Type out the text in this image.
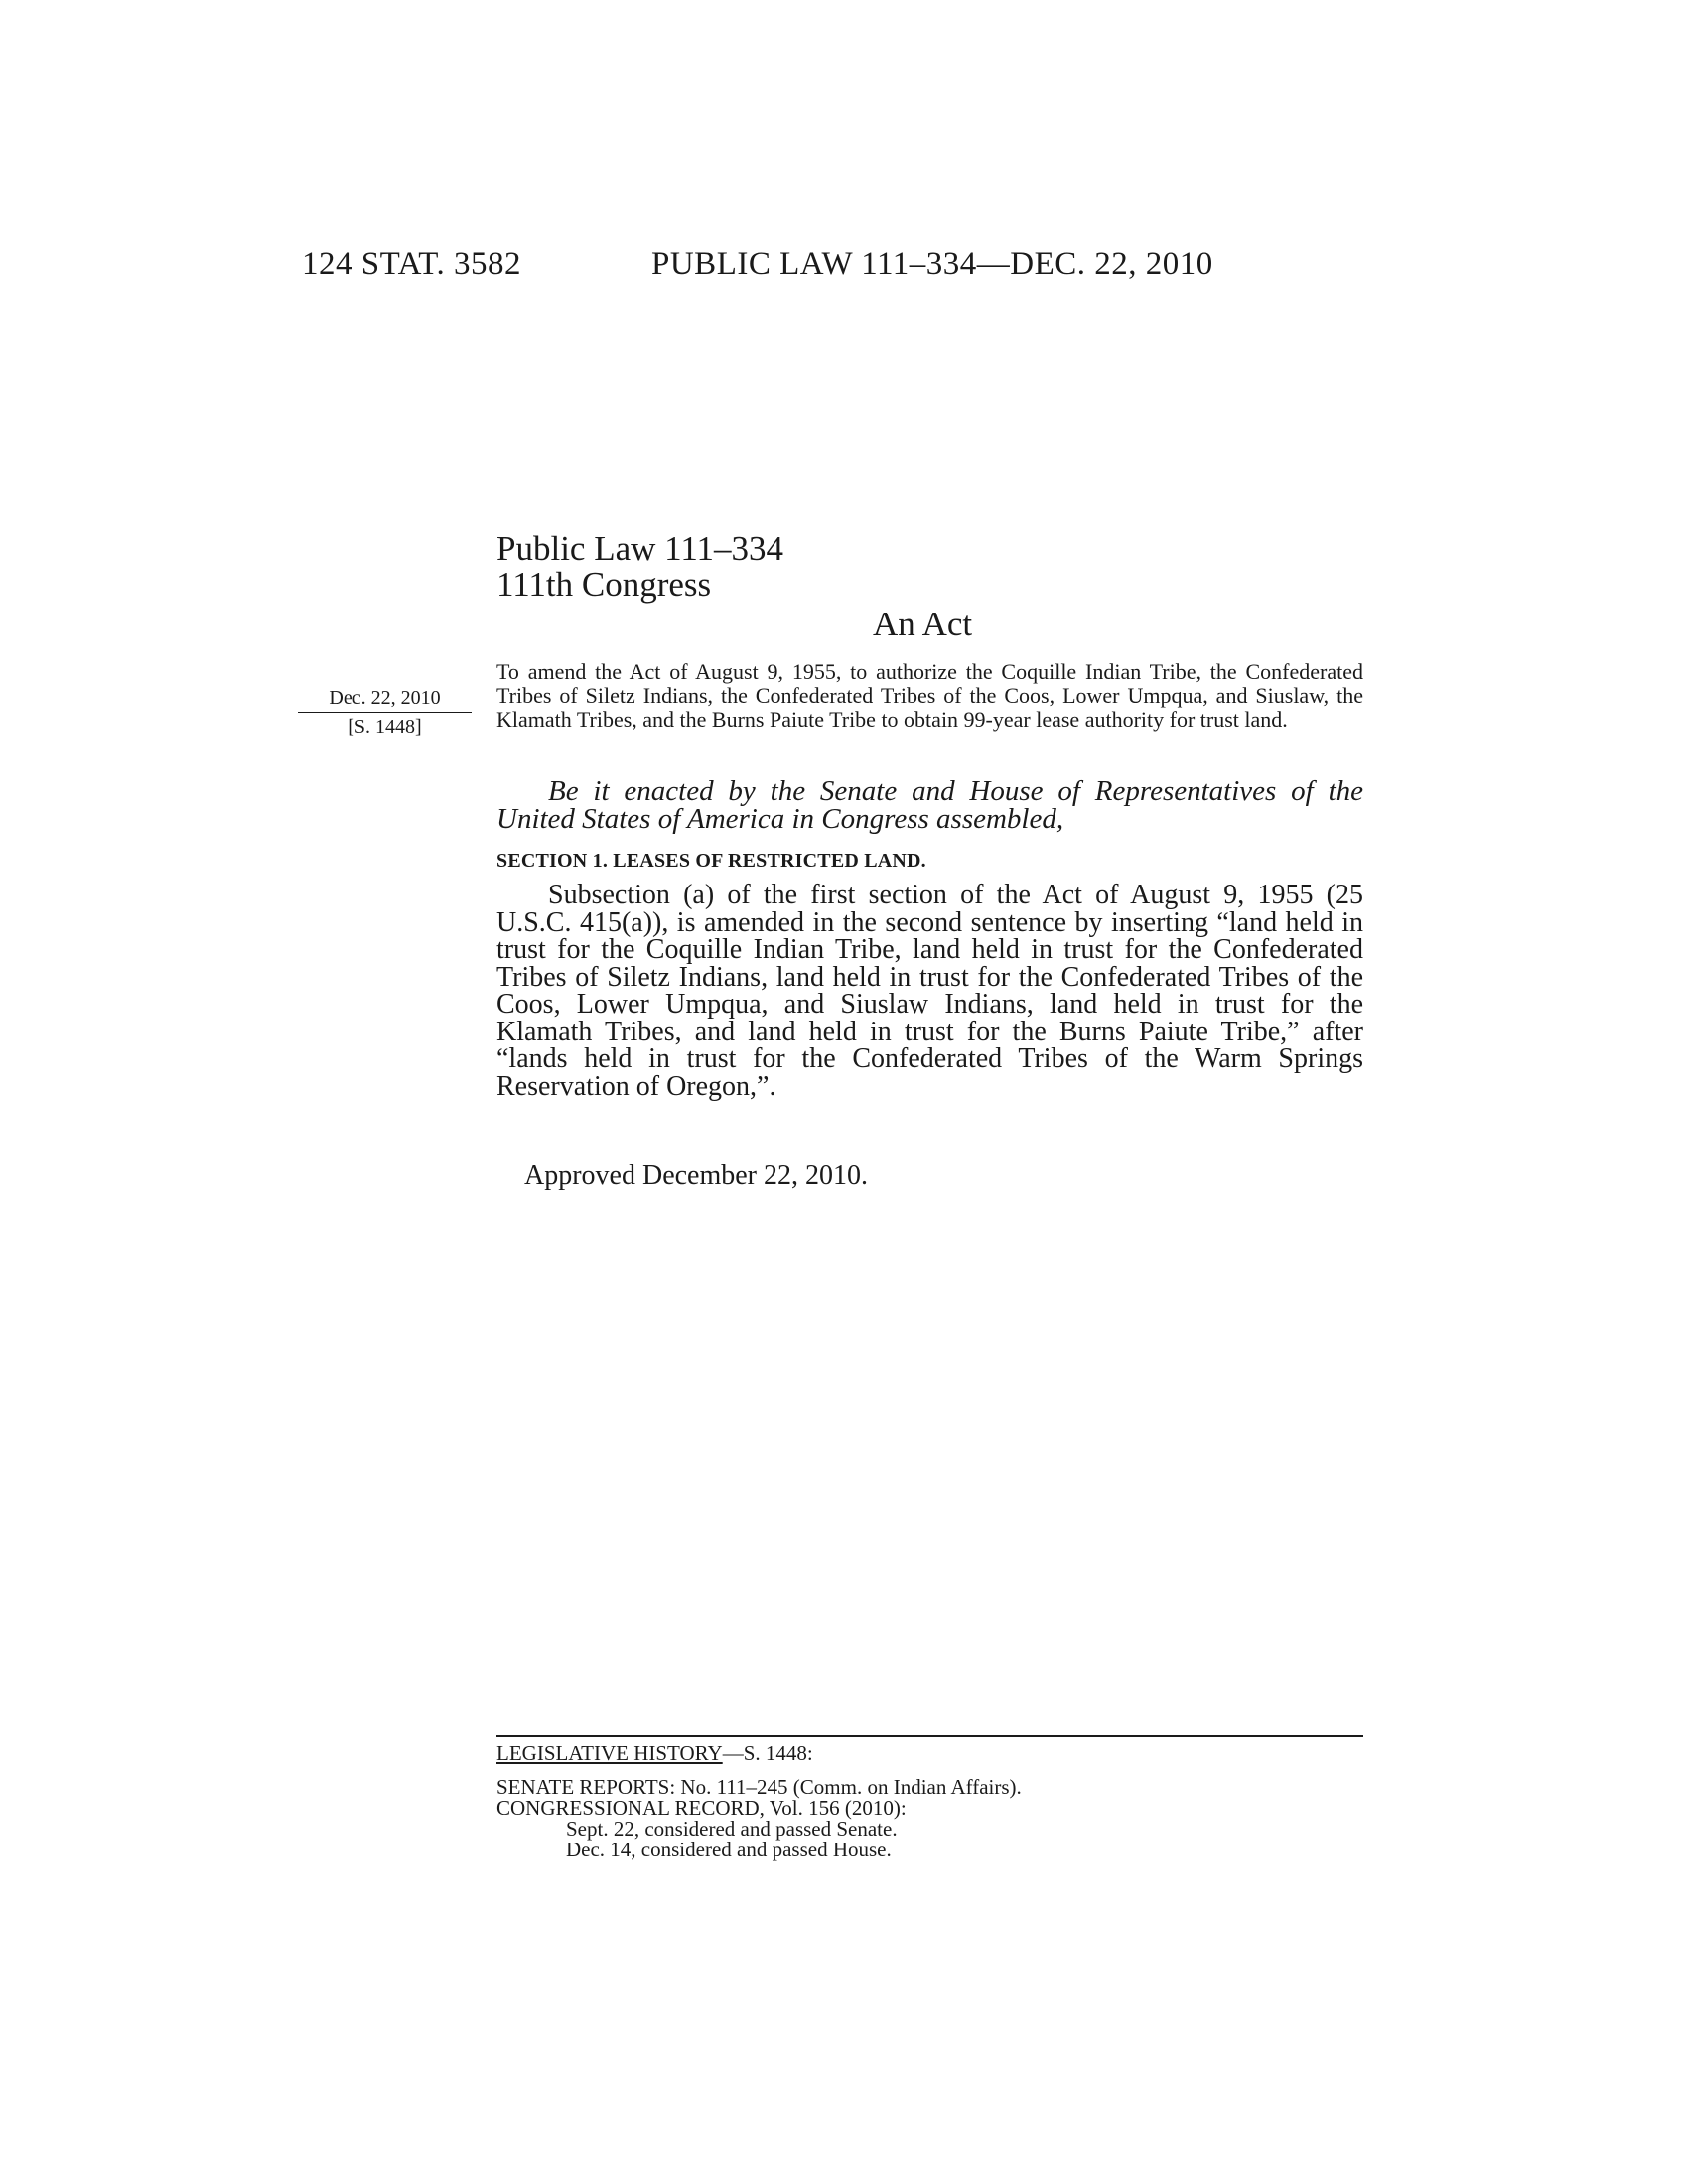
124 STAT. 3582	PUBLIC LAW 111–334—DEC. 22, 2010
Public Law 111–334
111th Congress
An Act
Dec. 22, 2010
[S. 1448]
To amend the Act of August 9, 1955, to authorize the Coquille Indian Tribe, the Confederated Tribes of Siletz Indians, the Confederated Tribes of the Coos, Lower Umpqua, and Siuslaw, the Klamath Tribes, and the Burns Paiute Tribe to obtain 99-year lease authority for trust land.
Be it enacted by the Senate and House of Representatives of the United States of America in Congress assembled,
SECTION 1. LEASES OF RESTRICTED LAND.
Subsection (a) of the first section of the Act of August 9, 1955 (25 U.S.C. 415(a)), is amended in the second sentence by inserting “land held in trust for the Coquille Indian Tribe, land held in trust for the Confederated Tribes of Siletz Indians, land held in trust for the Confederated Tribes of the Coos, Lower Umpqua, and Siuslaw Indians, land held in trust for the Klamath Tribes, and land held in trust for the Burns Paiute Tribe,” after “lands held in trust for the Confederated Tribes of the Warm Springs Reservation of Oregon,”.
Approved December 22, 2010.
LEGISLATIVE HISTORY—S. 1448:
SENATE REPORTS: No. 111–245 (Comm. on Indian Affairs).
CONGRESSIONAL RECORD, Vol. 156 (2010):
Sept. 22, considered and passed Senate.
Dec. 14, considered and passed House.
